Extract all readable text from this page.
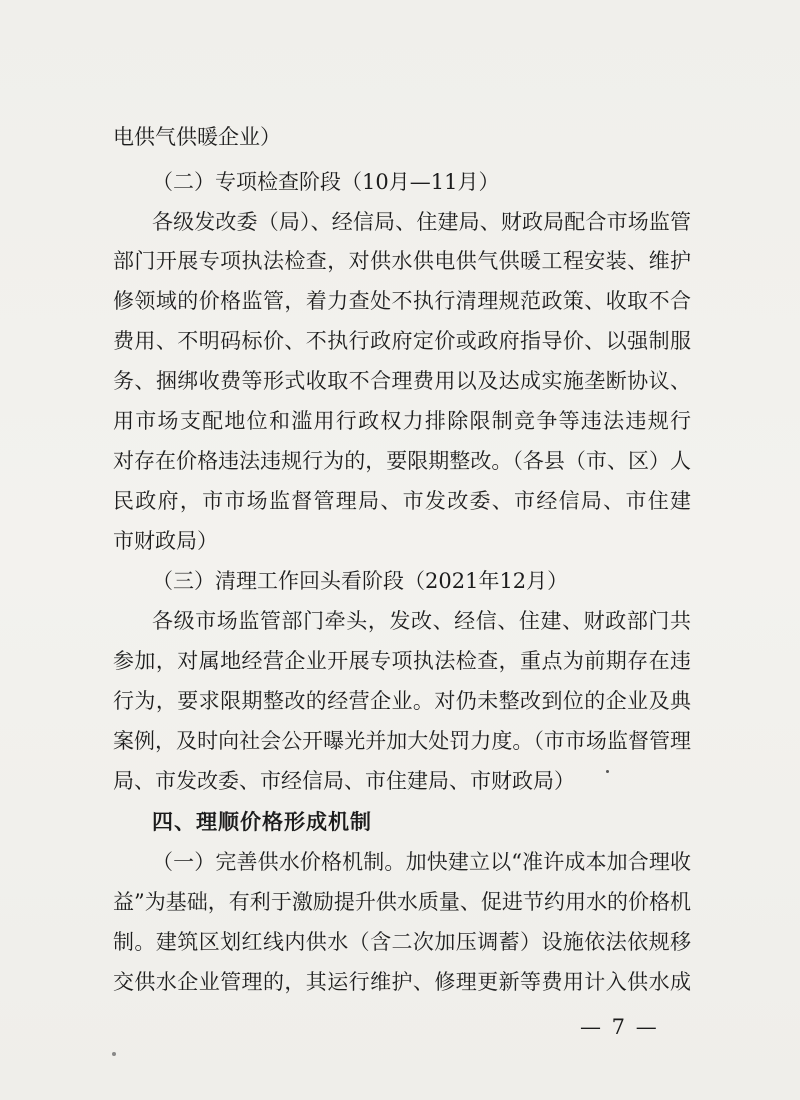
电供气供暖企业）
（二）专项检查阶段（10月—11月）
各级发改委（局）、经信局、住建局、财政局配合市场监管
部门开展专项执法检查，对供水供电供气供暖工程安装、维护
修领域的价格监管，着力查处不执行清理规范政策、收取不合
费用、不明码标价、不执行政府定价或政府指导价、以强制服
务、捆绑收费等形式收取不合理费用以及达成实施垄断协议、
用市场支配地位和滥用行政权力排除限制竞争等违法违规行
对存在价格违法违规行为的，要限期整改。（各县（市、区）人
民政府，市市场监督管理局、市发改委、市经信局、市住建
市财政局）
（三）清理工作回头看阶段（2021年12月）
各级市场监管部门牵头，发改、经信、住建、财政部门共
参加，对属地经营企业开展专项执法检查，重点为前期存在违
行为，要求限期整改的经营企业。对仍未整改到位的企业及典
案例，及时向社会公开曝光并加大处罚力度。（市市场监督管理
局、市发改委、市经信局、市住建局、市财政局）
四、理顺价格形成机制
（一）完善供水价格机制。加快建立以“准许成本加合理收
益”为基础，有利于激励提升供水质量、促进节约用水的价格机
制。建筑区划红线内供水（含二次加压调蓄）设施依法依规移
交供水企业管理的，其运行维护、修理更新等费用计入供水成
— 7 —
